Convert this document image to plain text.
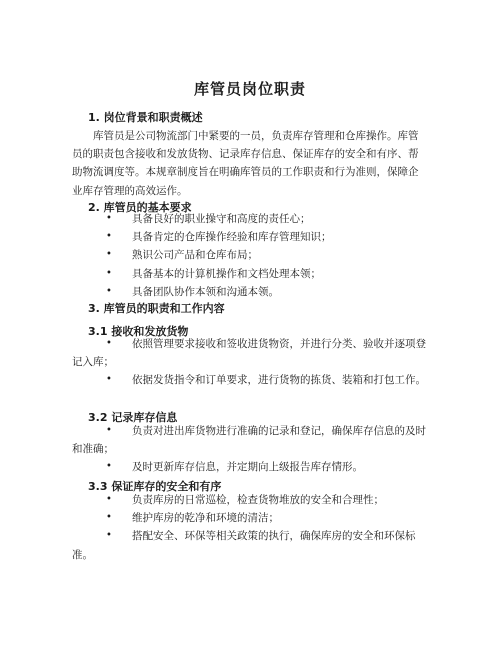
库管员岗位职责
1. 岗位背景和职责概述

库管员是公司物流部门中紧要的一员，负责库存管理和仓库操作。库管员的职责包含接收和发放货物、记录库存信息、保证库存的安全和有序、帮助物流调度等。本规章制度旨在明确库管员的工作职责和行为准则，保障企业库存管理的高效运作。

2. 库管员的基本要求
• 具备良好的职业操守和高度的责任心；
• 具备肯定的仓库操作经验和库存管理知识；
• 熟识公司产品和仓库布局；
• 具备基本的计算机操作和文档处理本领；
• 具备团队协作本领和沟通本领。
3. 库管员的职责和工作内容
3.1 接收和发放货物
• 依照管理要求接收和签收进货物资，并进行分类、验收并逐项登记入库；
• 依据发货指令和订单要求，进行货物的拣货、装箱和打包工作。
3.2 记录库存信息
• 负责对进出库货物进行准确的记录和登记，确保库存信息的及时和准确；
• 及时更新库存信息，并定期向上级报告库存情形。
3.3 保证库存的安全和有序
• 负责库房的日常巡检，检查货物堆放的安全和合理性；
• 维护库房的乾净和环境的清洁；
• 搭配安全、环保等相关政策的执行，确保库房的安全和环保标准。
